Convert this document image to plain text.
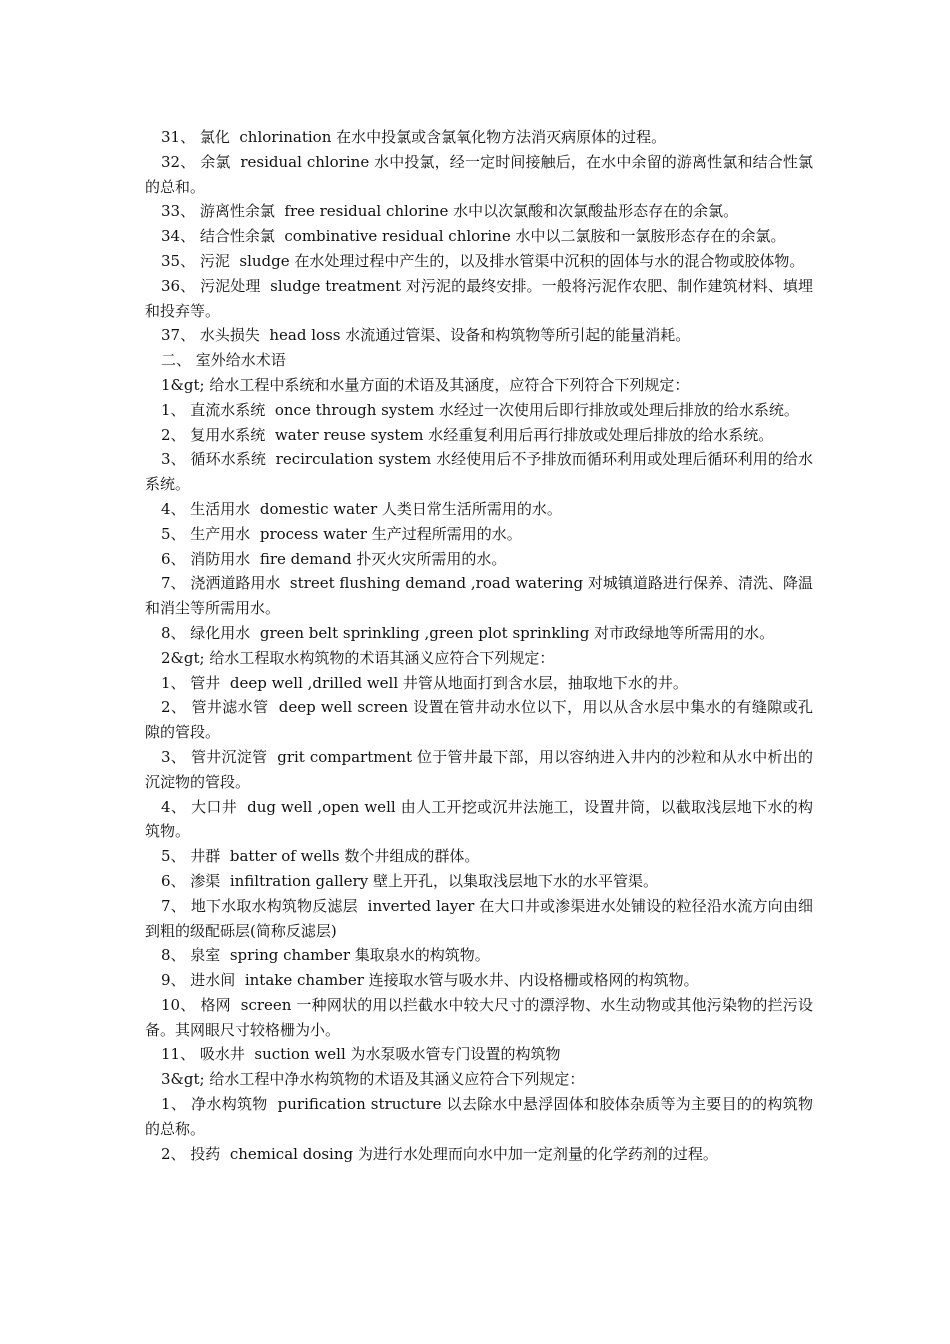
31、 氯化  chlorination 在水中投氯或含氯氧化物方法消灭病原体的过程。

32、 余氯  residual chlorine 水中投氯，经一定时间接触后，在水中余留的游离性氯和结合性氯的总和。

33、 游离性余氯  free residual chlorine 水中以次氯酸和次氯酸盐形态存在的余氯。

34、 结合性余氯  combinative residual chlorine 水中以二氯胺和一氯胺形态存在的余氯。

35、 污泥  sludge 在水处理过程中产生的，以及排水管渠中沉积的固体与水的混合物或胶体物。

36、 污泥处理  sludge treatment 对污泥的最终安排。一般将污泥作农肥、制作建筑材料、填埋和投弃等。

37、 水头损失  head loss 水流通过管渠、设备和构筑物等所引起的能量消耗。

二、 室外给水术语

1&gt; 给水工程中系统和水量方面的术语及其涵度，应符合下列符合下列规定：

1、 直流水系统  once through system 水经过一次使用后即行排放或处理后排放的给水系统。

2、 复用水系统  water reuse system 水经重复利用后再行排放或处理后排放的给水系统。

3、 循环水系统  recirculation system 水经使用后不予排放而循环利用或处理后循环利用的给水系统。

4、 生活用水  domestic water 人类日常生活所需用的水。

5、 生产用水  process water 生产过程所需用的水。

6、 消防用水  fire demand 扑灭火灾所需用的水。

7、 浇洒道路用水  street flushing demand ,road watering 对城镇道路进行保养、清洗、降温和消尘等所需用水。

8、 绿化用水  green belt sprinkling ,green plot sprinkling 对市政绿地等所需用的水。

2&gt; 给水工程取水构筑物的术语其涵义应符合下列规定：

1、 管井  deep well ,drilled well 井管从地面打到含水层，抽取地下水的井。

2、 管井滤水管  deep well screen 设置在管井动水位以下，用以从含水层中集水的有缝隙或孔隙的管段。

3、 管井沉淀管  grit compartment 位于管井最下部，用以容纳进入井内的沙粒和从水中析出的沉淀物的管段。

4、 大口井  dug well ,open well 由人工开挖或沉井法施工，设置井筒，以截取浅层地下水的构筑物。

5、 井群  batter of wells 数个井组成的群体。

6、 渗渠  infiltration gallery 壁上开孔，以集取浅层地下水的水平管渠。

7、 地下水取水构筑物反滤层  inverted layer 在大口井或渗渠进水处铺设的粒径沿水流方向由细到粗的级配砾层(简称反滤层)

8、 泉室  spring chamber 集取泉水的构筑物。

9、 进水间  intake chamber 连接取水管与吸水井、内设格栅或格网的构筑物。

10、 格网  screen 一种网状的用以拦截水中较大尺寸的漂浮物、水生动物或其他污染物的拦污设备。其网眼尺寸较格栅为小。

11、 吸水井  suction well 为水泵吸水管专门设置的构筑物

3&gt; 给水工程中净水构筑物的术语及其涵义应符合下列规定：

1、 净水构筑物  purification structure 以去除水中悬浮固体和胶体杂质等为主要目的的构筑物的总称。

2、 投药  chemical dosing 为进行水处理而向水中加一定剂量的化学药剂的过程。
